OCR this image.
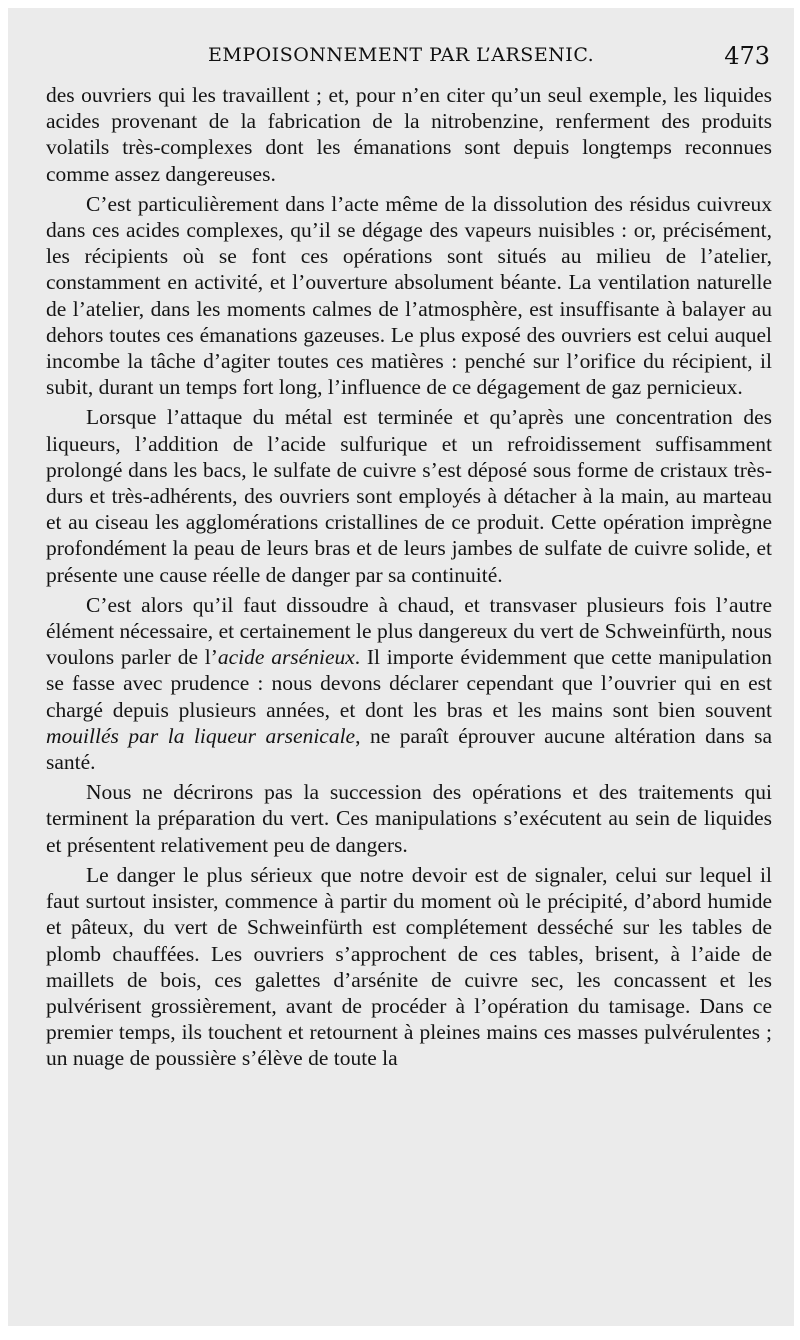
EMPOISONNEMENT PAR L’ARSENIC.	473

des ouvriers qui les travaillent ; et, pour n’en citer qu’un seul exemple, les liquides acides provenant de la fabrication de la nitrobenzine, renferment des produits volatils très-complexes dont les émanations sont depuis longtemps reconnues comme assez dangereuses.

C’est particulièrement dans l’acte même de la dissolution des résidus cuivreux dans ces acides complexes, qu’il se dégage des vapeurs nuisibles : or, précisément, les récipients où se font ces opérations sont situés au milieu de l’atelier, constamment en activité, et l’ouverture absolument béante. La ventilation naturelle de l’atelier, dans les moments calmes de l’atmosphère, est insuffisante à balayer au dehors toutes ces émanations gazeuses. Le plus exposé des ouvriers est celui auquel incombe la tâche d’agiter toutes ces matières : penché sur l’orifice du récipient, il subit, durant un temps fort long, l’influence de ce dégagement de gaz pernicieux.

Lorsque l’attaque du métal est terminée et qu’après une concentration des liqueurs, l’addition de l’acide sulfurique et un refroidissement suffisamment prolongé dans les bacs, le sulfate de cuivre s’est déposé sous forme de cristaux très-durs et très-adhérents, des ouvriers sont employés à détacher à la main, au marteau et au ciseau les agglomérations cristallines de ce produit. Cette opération imprègne profondément la peau de leurs bras et de leurs jambes de sulfate de cuivre solide, et présente une cause réelle de danger par sa continuité.

C’est alors qu’il faut dissoudre à chaud, et transvaser plusieurs fois l’autre élément nécessaire, et certainement le plus dangereux du vert de Schweinfürth, nous voulons parler de l’acide arsénieux. Il importe évidemment que cette manipulation se fasse avec prudence : nous devons déclarer cependant que l’ouvrier qui en est chargé depuis plusieurs années, et dont les bras et les mains sont bien souvent mouillés par la liqueur arsenicale, ne paraît éprouver aucune altération dans sa santé.

Nous ne décrirons pas la succession des opérations et des traitements qui terminent la préparation du vert. Ces manipulations s’exécutent au sein de liquides et présentent relativement peu de dangers.

Le danger le plus sérieux que notre devoir est de signaler, celui sur lequel il faut surtout insister, commence à partir du moment où le précipité, d’abord humide et pâteux, du vert de Schweinfürth est complétement desséché sur les tables de plomb chauffées. Les ouvriers s’approchent de ces tables, brisent, à l’aide de maillets de bois, ces galettes d’arsénite de cuivre sec, les concassent et les pulvérisent grossièrement, avant de procéder à l’opération du tamisage. Dans ce premier temps, ils touchent et retournent à pleines mains ces masses pulvérulentes ; un nuage de poussière s’élève de toute la
